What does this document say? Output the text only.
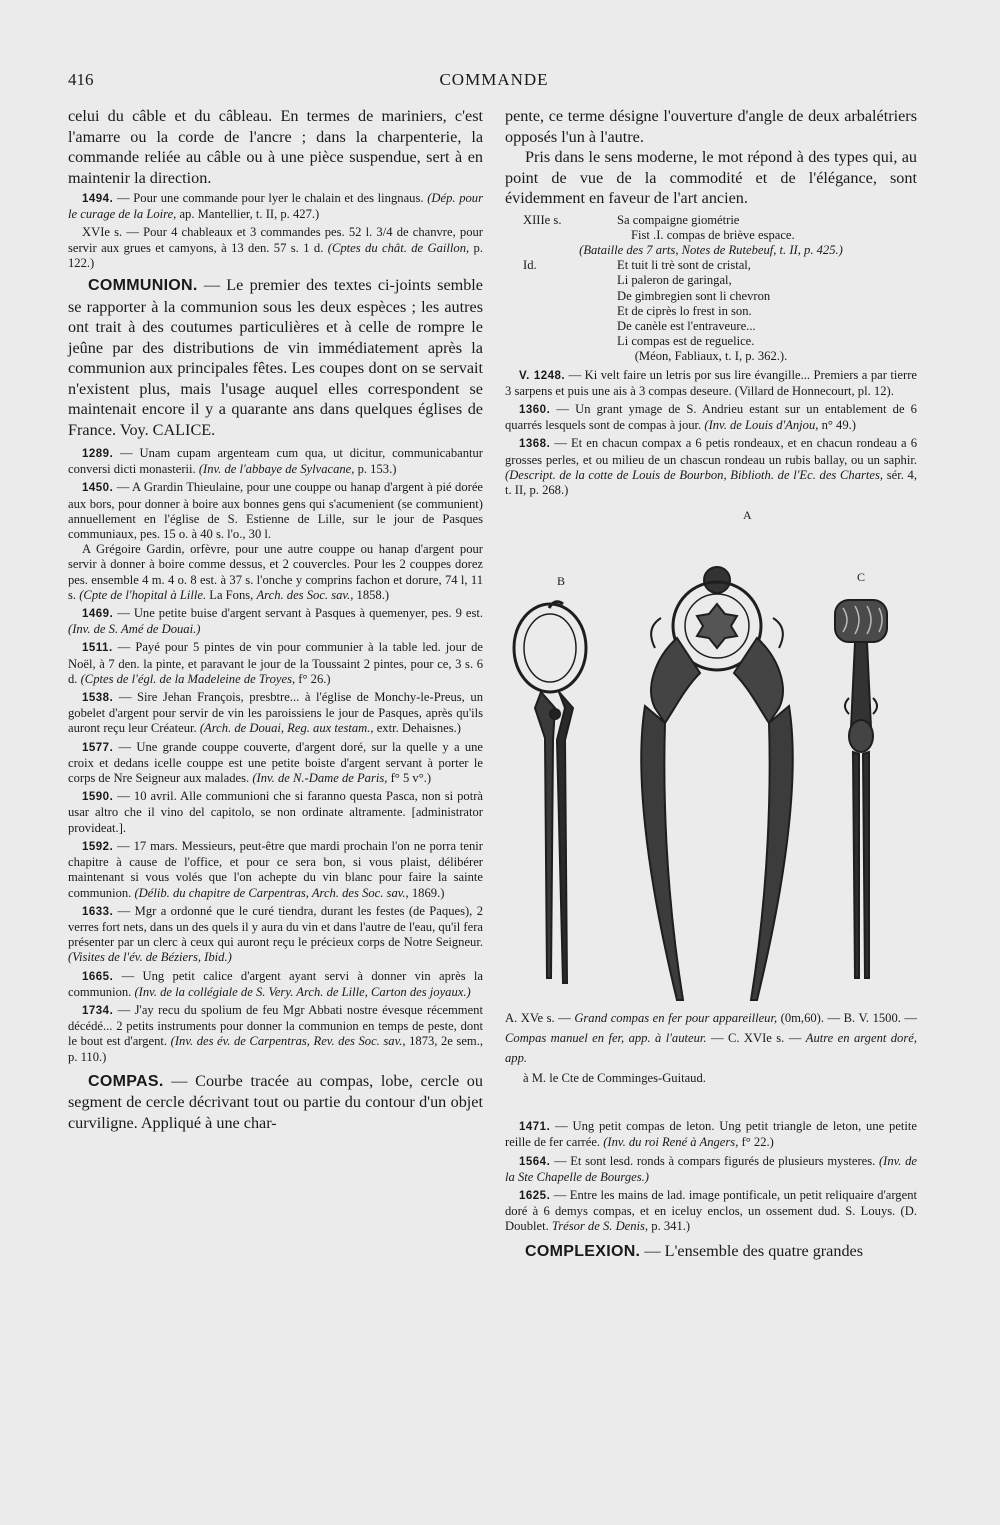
416	COMMANDE

celui du câble et du câbleau. En termes de mariniers, c'est l'amarre ou la corde de l'ancre ; dans la charpenterie, la commande reliée au câble ou à une pièce suspendue, sert à en maintenir la direction.

1494. — Pour une commande pour lyer le chalain et des lingnaus. (Dép. pour le curage de la Loire, ap. Mantellier, t. II, p. 427.)

XVIe s. — Pour 4 chableaux et 3 commandes pes. 52 l. 3/4 de chanvre, pour servir aux grues et camyons, à 13 den. 57 s. 1 d. (Cptes du chât. de Gaillon, p. 122.)

COMMUNION. — Le premier des textes ci-joints semble se rapporter à la communion sous les deux espèces ; les autres ont trait à des coutumes particulières et à celle de rompre le jeûne par des distributions de vin immédiatement après la communion aux principales fêtes. Les coupes dont on se servait n'existent plus, mais l'usage auquel elles correspondent se maintenait encore il y a quarante ans dans quelques églises de France. Voy. CALICE.

1289. — Unam cupam argenteam cum qua, ut dicitur, communicabantur conversi dicti monasterii. (Inv. de l'abbaye de Sylvacane, p. 153.)

1450. — A Grardin Thieulaine, pour une couppe ou hanap d'argent à pié dorée aux bors, pour donner à boire aux bonnes gens qui s'acumenient (se communient) annuellement en l'église de S. Estienne de Lille, sur le jour de Pasques communiaux, pes. 15 o. à 40 s. l'o., 30 l.

A Grégoire Gardin, orfèvre, pour une autre couppe ou hanap d'argent pour servir à donner à boire comme dessus, et 2 couvercles. Pour les 2 couppes dorez pes. ensemble 4 m. 4 o. 8 est. à 37 s. l'onche y comprins fachon et dorure, 74 l, 11 s. (Cpte de l'hopital à Lille. La Fons, Arch. des Soc. sav., 1858.)

1469. — Une petite buise d'argent servant à Pasques à quemenyer, pes. 9 est. (Inv. de S. Amé de Douai.)

1511. — Payé pour 5 pintes de vin pour communier à la table led. jour de Noël, à 7 den. la pinte, et paravant le jour de la Toussaint 2 pintes, pour ce, 3 s. 6 d. (Cptes de l'égl. de la Madeleine de Troyes, f° 26.)

1538. — Sire Jehan François, presbtre... à l'église de Monchy-le-Preus, un gobelet d'argent pour servir de vin les paroissiens le jour de Pasques, après qu'ils auront reçu leur Créateur. (Arch. de Douai, Reg. aux testam., extr. Dehaisnes.)

1577. — Une grande couppe couverte, d'argent doré, sur la quelle y a une croix et dedans icelle couppe est une petite boiste d'argent servant à porter le corps de Nre Seigneur aux malades. (Inv. de N.-Dame de Paris, f° 5 v°.)

1590. — 10 avril. Alle communioni che si faranno questa Pasca, non si potrà usar altro che il vino del capitolo, se non ordinate altramente. [administrator provideat.].

1592. — 17 mars. Messieurs, peut-être que mardi prochain l'on ne porra tenir chapitre à cause de l'office, et pour ce sera bon, si vous plaist, délibérer maintenant si vous volés que l'on achepte du vin blanc pour faire la sainte communion. (Délib. du chapitre de Carpentras, Arch. des Soc. sav., 1869.)

1633. — Mgr a ordonné que le curé tiendra, durant les festes (de Paques), 2 verres fort nets, dans un des quels il y aura du vin et dans l'autre de l'eau, qu'il fera présenter par un clerc à ceux qui auront reçu le précieux corps de Notre Seigneur. (Visites de l'év. de Béziers, Ibid.)

1665. — Ung petit calice d'argent ayant servi à donner vin après la communion. (Inv. de la collégiale de S. Very. Arch. de Lille, Carton des joyaux.)

1734. — J'ay recu du spolium de feu Mgr Abbati nostre évesque récemment décédé... 2 petits instruments pour donner la communion en temps de peste, dont le bout est d'argent. (Inv. des év. de Carpentras, Rev. des Soc. sav., 1873, 2e sem., p. 110.)

COMPAS. — Courbe tracée au compas, lobe, cercle ou segment de cercle décrivant tout ou partie du contour d'un objet curviligne. Appliqué à une char-

pente, ce terme désigne l'ouverture d'angle de deux arbalétriers opposés l'un à l'autre.

Pris dans le sens moderne, le mot répond à des types qui, au point de vue de la commodité et de l'élégance, sont évidemment en faveur de l'art ancien.

XIIIe s.	Sa compaigne giométrie
Fist .I. compas de briève espace.
(Bataille des 7 arts, Notes de Rutebeuf, t. II, p. 425.)
Id.	Et tuit li trè sont de cristal,
Li paleron de garingal,
De gimbregien sont li chevron
Et de ciprès lo frest in son.
De canèle est l'entraveure...
Li compas est de reguelice.
(Méon, Fabliaux, t. I, p. 362.).

V. 1248. — Ki velt faire un letris por sus lire évangille... Premiers a par tierre 3 sarpens et puis une ais à 3 compas deseure. (Villard de Honnecourt, pl. 12).

1360. — Un grant ymage de S. Andrieu estant sur un entablement de 6 quarrés lesquels sont de compas à jour. (Inv. de Louis d'Anjou, n° 49.)

1368. — Et en chacun compax a 6 petis rondeaux, et en chacun rondeau a 6 grosses perles, et ou milieu de un chascun rondeau un rubis ballay, ou un saphir. (Descript. de la cotte de Louis de Bourbon, Biblioth. de l'Ec. des Chartes, sér. 4, t. II, p. 268.)

A
B	C

A. XVe s. — Grand compas en fer pour appareilleur, (0m,60). — B. V. 1500. — Compas manuel en fer, app. à l'auteur. — C. XVIe s. — Autre en argent doré, app.
à M. le Cte de Comminges-Guitaud.

1471. — Ung petit compas de leton. Ung petit triangle de leton, une petite reille de fer carrée. (Inv. du roi René à Angers, f° 22.)

1564. — Et sont lesd. ronds à compars figurés de plusieurs mysteres. (Inv. de la Ste Chapelle de Bourges.)

1625. — Entre les mains de lad. image pontificale, un petit reliquaire d'argent doré à 6 demys compas, et en iceluy enclos, un ossement dud. S. Louys. (D. Doublet. Trésor de S. Denis, p. 341.)

COMPLEXION. — L'ensemble des quatre grandes
